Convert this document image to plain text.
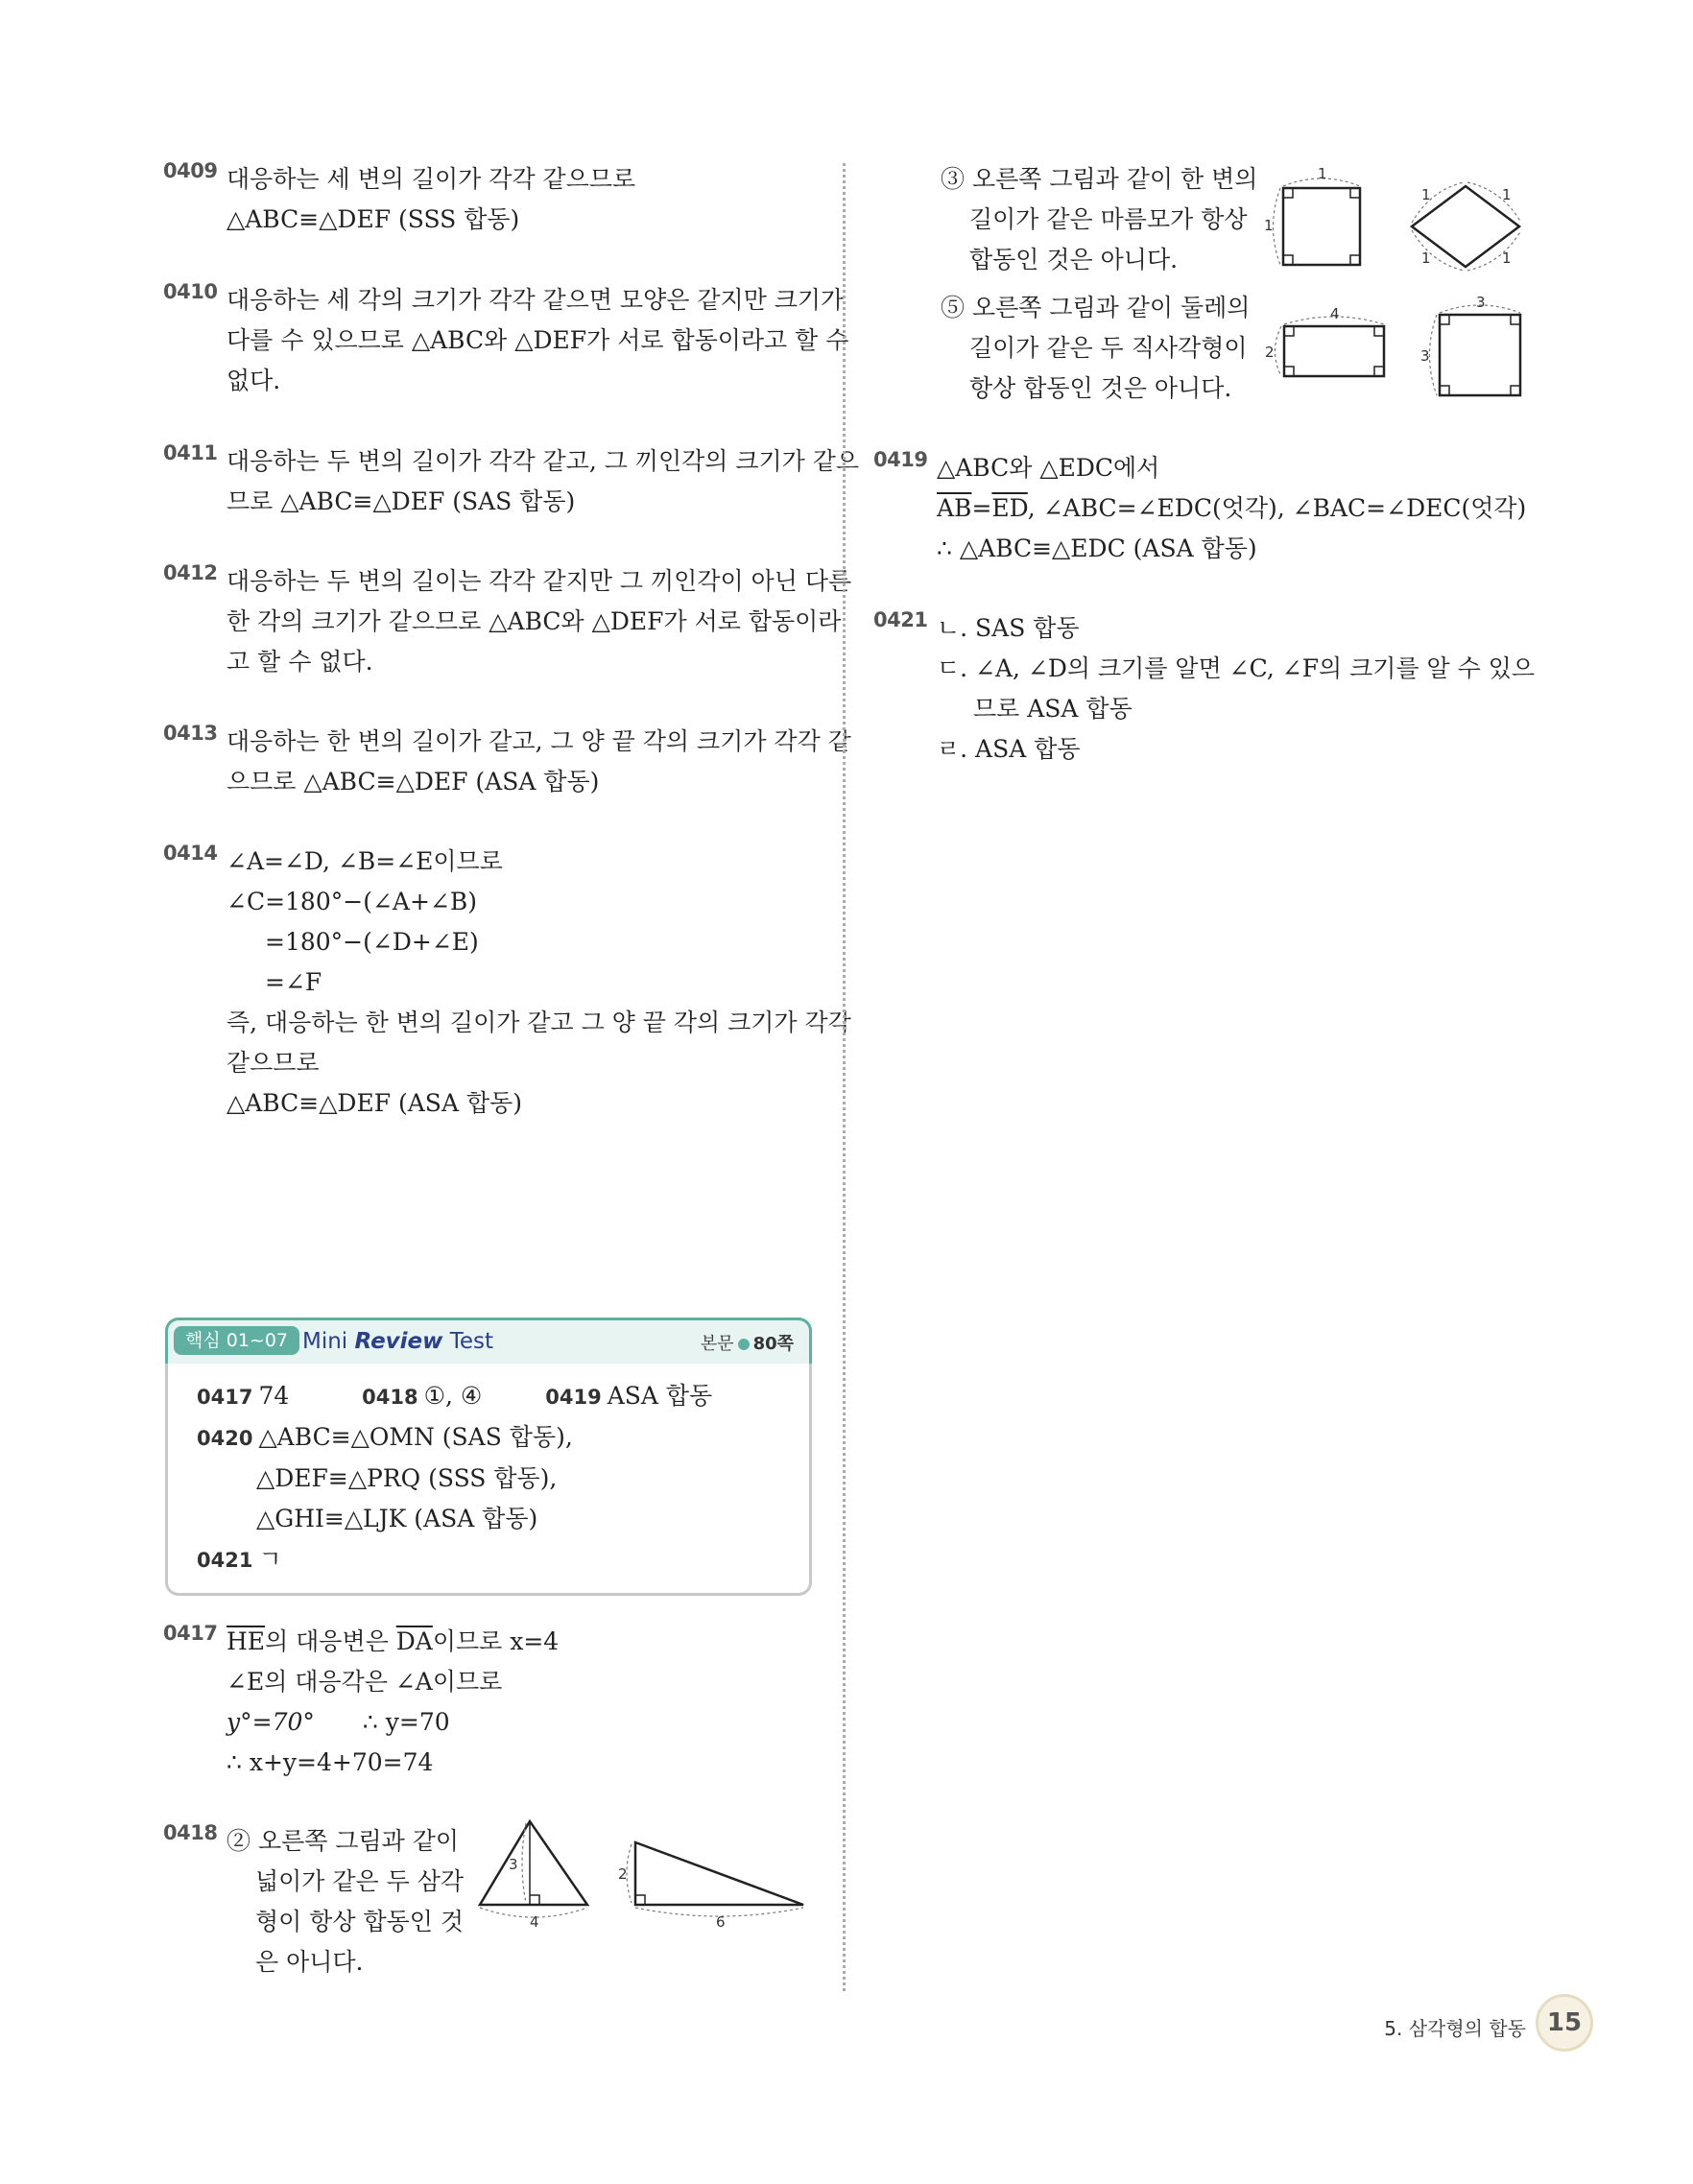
0409 대응하는 세 변의 길이가 각각 같으므로
△ABC≡△DEF (SSS 합동)
0410 대응하는 세 각의 크기가 각각 같으면 모양은 같지만 크기가
다를 수 있으므로 △ABC와 △DEF가 서로 합동이라고 할 수
없다.
0411 대응하는 두 변의 길이가 각각 같고, 그 끼인각의 크기가 같으
므로 △ABC≡△DEF (SAS 합동)
0412 대응하는 두 변의 길이는 각각 같지만 그 끼인각이 아닌 다른
한 각의 크기가 같으므로 △ABC와 △DEF가 서로 합동이라
고 할 수 없다.
0413 대응하는 한 변의 길이가 같고, 그 양 끝 각의 크기가 각각 같
으므로 △ABC≡△DEF (ASA 합동)
0414 ∠A=∠D, ∠B=∠E이므로
∠C=180°−(∠A+∠B)
=180°−(∠D+∠E)
=∠F
즉, 대응하는 한 변의 길이가 같고 그 양 끝 각의 크기가 각각
같으므로
△ABC≡△DEF (ASA 합동)
0417 $\overline{HE}$의 대응변은 $\overline{DA}$이므로 x=4
∠E의 대응각은 ∠A이므로
y°=70° ∴ y=70
∴ x+y=4+70=74
0418 ② 오른쪽 그림과 같이
넓이가 같은 두 삼각
형이 항상 합동인 것
은 아니다.
3
4
2
6
핵심 01~07 Mini Review Test	본문 80쪽
0417 74	0418 ①, ④	0419 ASA 합동
0420 △ABC≡△OMN (SAS 합동),
△DEF≡△PRQ (SSS 합동),
△GHI≡△LJK (ASA 합동)
0421 ㄱ
③ 오른쪽 그림과 같이 한 변의
길이가 같은 마름모가 항상
합동인 것은 아니다.
⑤ 오른쪽 그림과 같이 둘레의
길이가 같은 두 직사각형이
항상 합동인 것은 아니다.
0419 △ABC와 △EDC에서
$\overline{AB}=\overline{ED}$, ∠ABC=∠EDC(엇각), ∠BAC=∠DEC(엇각)
∴ △ABC≡△EDC (ASA 합동)
0421 ㄴ. SAS 합동
ㄷ. ∠A, ∠D의 크기를 알면 ∠C, ∠F의 크기를 알 수 있으
므로 ASA 합동
ㄹ. ASA 합동
1
1
1	1
1	1
4
2
3
3
5. 삼각형의 합동 15
